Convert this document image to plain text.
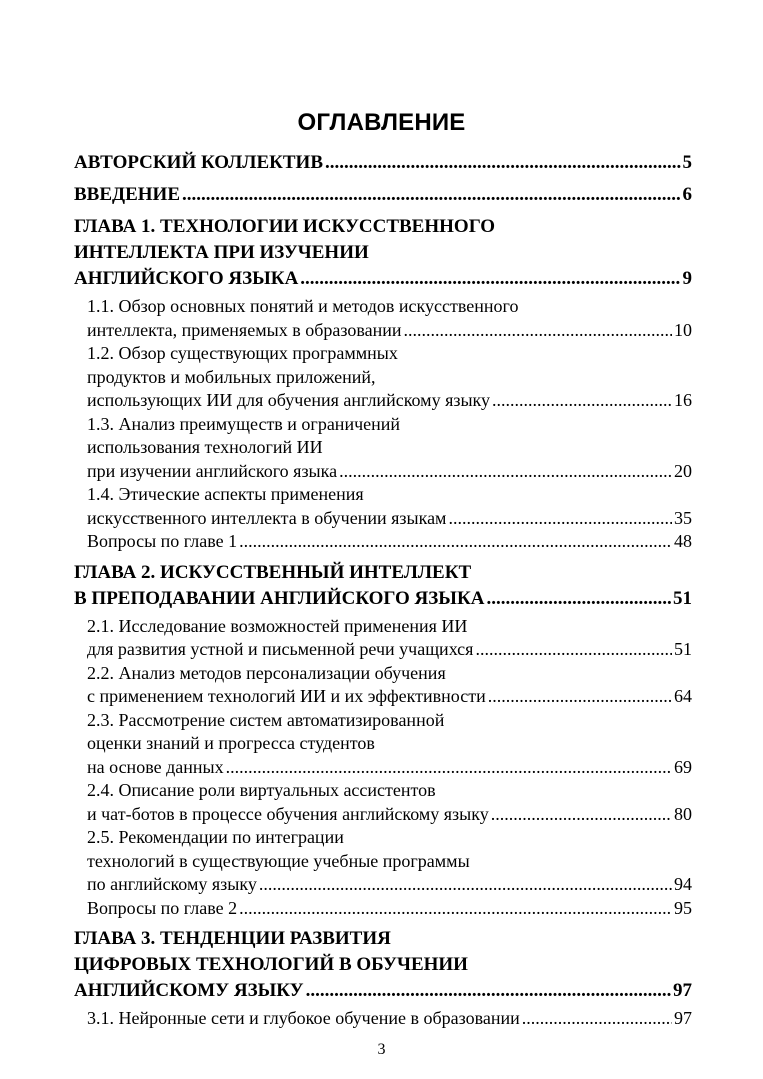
ОГЛАВЛЕНИЕ
АВТОРСКИЙ КОЛЛЕКТИВ .....	5
ВВЕДЕНИЕ .....	6
ГЛАВА 1. ТЕХНОЛОГИИ ИСКУССТВЕННОГО
ИНТЕЛЛЕКТА ПРИ ИЗУЧЕНИИ
АНГЛИЙСКОГО ЯЗЫКА .....	9
1.1. Обзор основных понятий и методов искусственного
интеллекта, применяемых в образовании .....	10
1.2. Обзор существующих программных
продуктов и мобильных приложений,
использующих ИИ для обучения английскому языку .....	16
1.3. Анализ преимуществ и ограничений
использования технологий ИИ
при изучении английского языка .....	20
1.4. Этические аспекты применения
искусственного интеллекта в обучении языкам .....	35
Вопросы по главе 1 .....	48
ГЛАВА 2. ИСКУССТВЕННЫЙ ИНТЕЛЛЕКТ
В ПРЕПОДАВАНИИ АНГЛИЙСКОГО ЯЗЫКА .....	51
2.1. Исследование возможностей применения ИИ
для развития устной и письменной речи учащихся .....	51
2.2. Анализ методов персонализации обучения
с применением технологий ИИ и их эффективности .....	64
2.3. Рассмотрение систем автоматизированной
оценки знаний и прогресса студентов
на основе данных .....	69
2.4. Описание роли виртуальных ассистентов
и чат-ботов в процессе обучения английскому языку .....	80
2.5. Рекомендации по интеграции
технологий в существующие учебные программы
по английскому языку .....	94
Вопросы по главе 2 .....	95
ГЛАВА 3. ТЕНДЕНЦИИ РАЗВИТИЯ
ЦИФРОВЫХ ТЕХНОЛОГИЙ В ОБУЧЕНИИ
АНГЛИЙСКОМУ ЯЗЫКУ .....	97
3.1. Нейронные сети и глубокое обучение в образовании .....	97
3
